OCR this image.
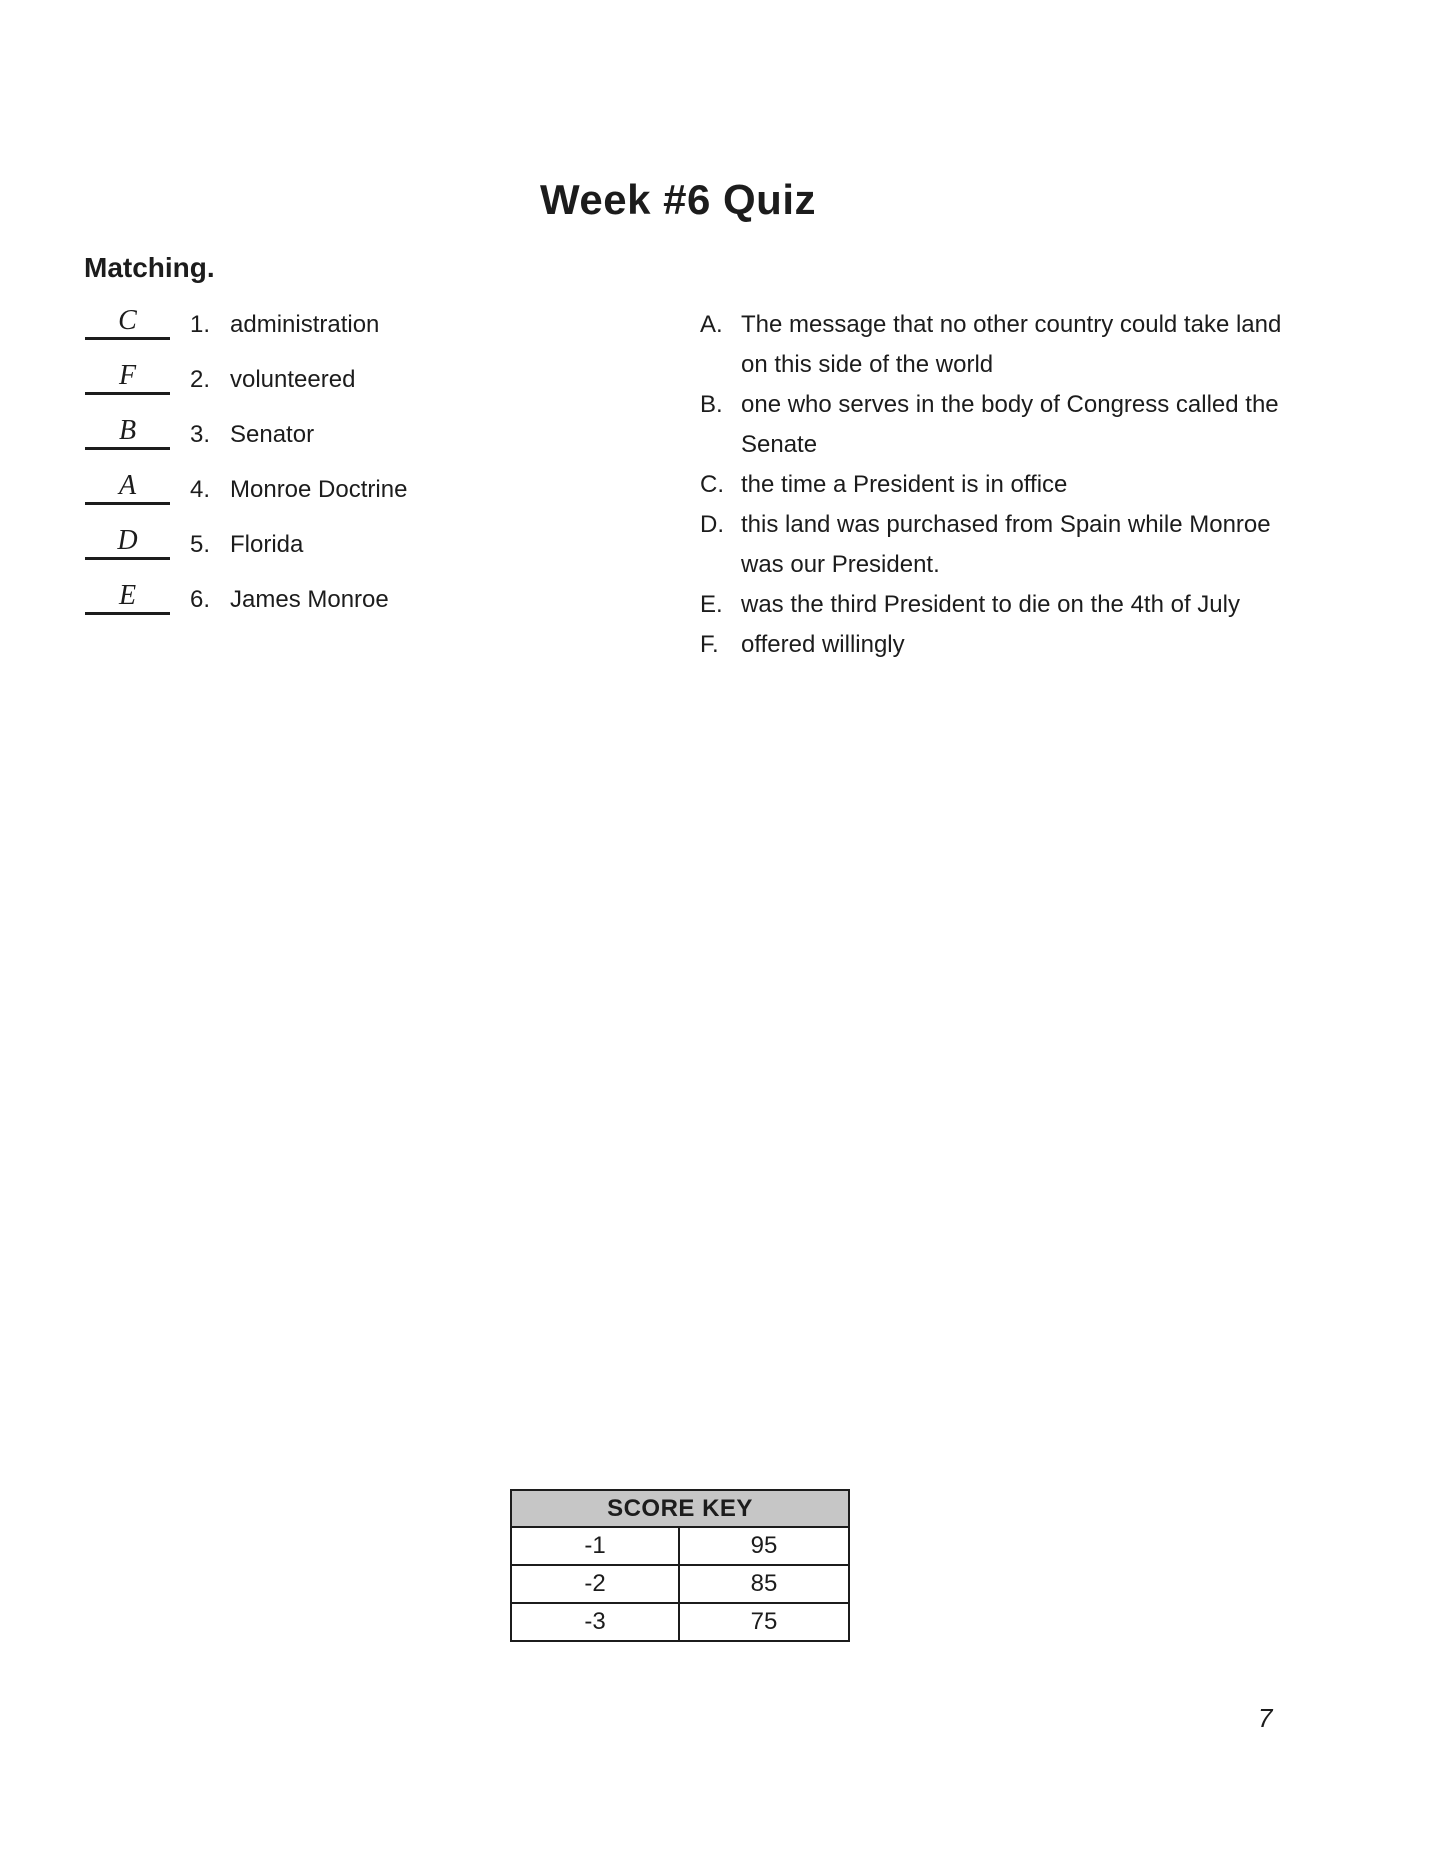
Week #6 Quiz
Matching.
C	1. administration
F	2. volunteered
B	3. Senator
A	4. Monroe Doctrine
D	5. Florida
E	6. James Monroe
A. The message that no other country could take land on this side of the world
B. one who serves in the body of Congress called the Senate
C. the time a President is in office
D. this land was purchased from Spain while Monroe was our President.
E. was the third President to die on the 4th of July
F. offered willingly
SCORE KEY	
-1	95
-2	85
-3	75
7
